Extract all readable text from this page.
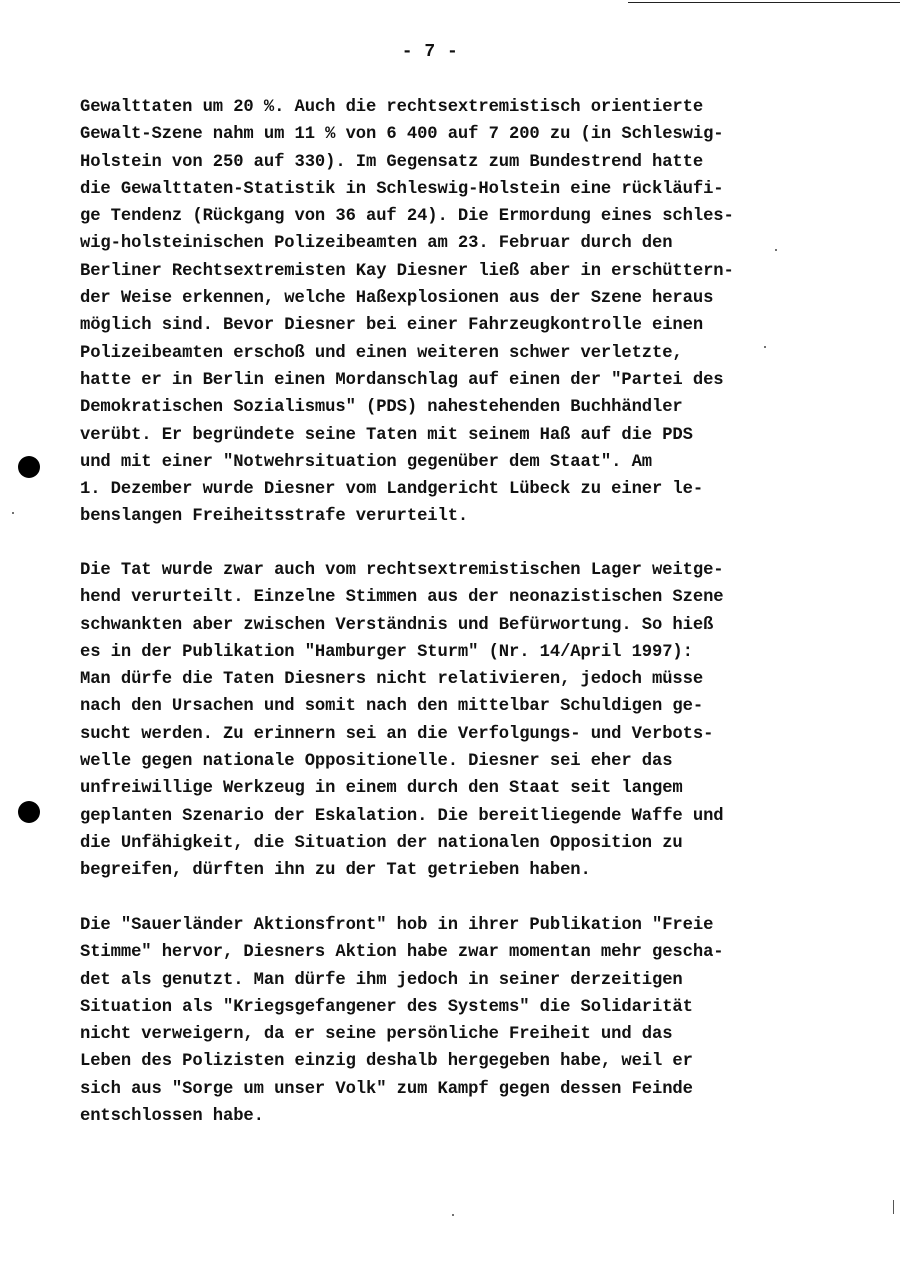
- 7 -
Gewalttaten um 20 %. Auch die rechtsextremistisch orientierte
Gewalt-Szene nahm um 11 % von 6 400 auf 7 200 zu (in Schleswig-
Holstein von 250 auf 330). Im Gegensatz zum Bundestrend hatte
die Gewalttaten-Statistik in Schleswig-Holstein eine rückläufi-
ge Tendenz (Rückgang von 36 auf 24). Die Ermordung eines schles-
wig-holsteinischen Polizeibeamten am 23. Februar durch den
Berliner Rechtsextremisten Kay Diesner ließ aber in erschüttern-
der Weise erkennen, welche Haßexplosionen aus der Szene heraus
möglich sind. Bevor Diesner bei einer Fahrzeugkontrolle einen
Polizeibeamten erschoß und einen weiteren schwer verletzte,
hatte er in Berlin einen Mordanschlag auf einen der "Partei des
Demokratischen Sozialismus" (PDS) nahestehenden Buchhändler
verübt. Er begründete seine Taten mit seinem Haß auf die PDS
und mit einer "Notwehrsituation gegenüber dem Staat". Am
1. Dezember wurde Diesner vom Landgericht Lübeck zu einer le-
benslangen Freiheitsstrafe verurteilt.
Die Tat wurde zwar auch vom rechtsextremistischen Lager weitge-
hend verurteilt. Einzelne Stimmen aus der neonazistischen Szene
schwankten aber zwischen Verständnis und Befürwortung. So hieß
es in der Publikation "Hamburger Sturm" (Nr. 14/April 1997):
Man dürfe die Taten Diesners nicht relativieren, jedoch müsse
nach den Ursachen und somit nach den mittelbar Schuldigen ge-
sucht werden. Zu erinnern sei an die Verfolgungs- und Verbots-
welle gegen nationale Oppositionelle. Diesner sei eher das
unfreiwillige Werkzeug in einem durch den Staat seit langem
geplanten Szenario der Eskalation. Die bereitliegende Waffe und
die Unfähigkeit, die Situation der nationalen Opposition zu
begreifen, dürften ihn zu der Tat getrieben haben.
Die "Sauerländer Aktionsfront" hob in ihrer Publikation "Freie
Stimme" hervor, Diesners Aktion habe zwar momentan mehr gescha-
det als genutzt. Man dürfe ihm jedoch in seiner derzeitigen
Situation als "Kriegsgefangener des Systems" die Solidarität
nicht verweigern, da er seine persönliche Freiheit und das
Leben des Polizisten einzig deshalb hergegeben habe, weil er
sich aus "Sorge um unser Volk" zum Kampf gegen dessen Feinde
entschlossen habe.
